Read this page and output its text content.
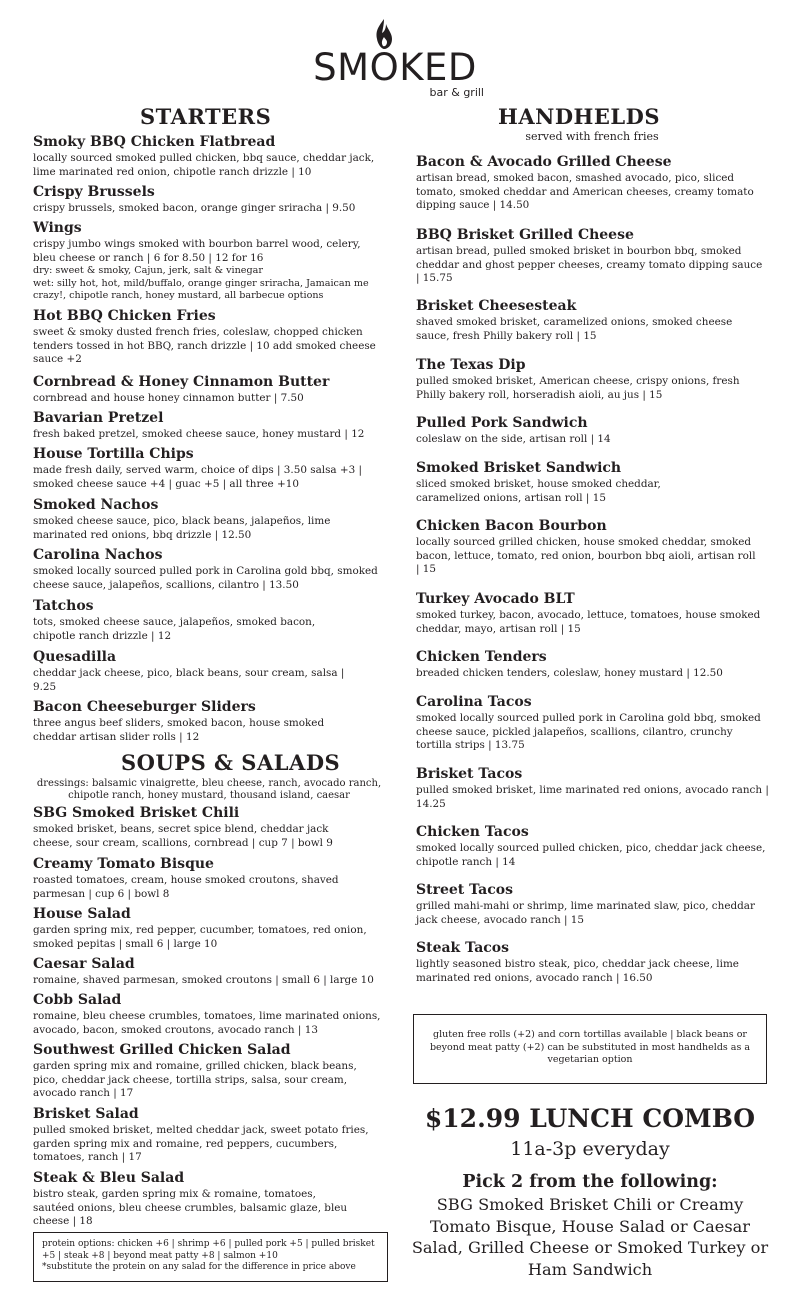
SMOKED
bar & grill
STARTERS
Smoky BBQ Chicken Flatbread
locally sourced smoked pulled chicken, bbq sauce, cheddar jack, lime marinated red onion, chipotle ranch drizzle | 10
Crispy Brussels
crispy brussels, smoked bacon, orange ginger sriracha | 9.50
Wings
crispy jumbo wings smoked with bourbon barrel wood, celery, bleu cheese or ranch | 6 for 8.50 | 12 for 16
dry: sweet & smoky, Cajun, jerk, salt & vinegar
wet: silly hot, hot, mild/buffalo, orange ginger sriracha, Jamaican me crazy!, chipotle ranch, honey mustard, all barbecue options
Hot BBQ Chicken Fries
sweet & smoky dusted french fries, coleslaw, chopped chicken tenders tossed in hot BBQ, ranch drizzle | 10 add smoked cheese sauce +2
Cornbread & Honey Cinnamon Butter
cornbread and house honey cinnamon butter | 7.50
Bavarian Pretzel
fresh baked pretzel, smoked cheese sauce, honey mustard | 12
House Tortilla Chips
made fresh daily, served warm, choice of dips | 3.50 salsa +3 | smoked cheese sauce +4 | guac +5 | all three +10
Smoked Nachos
smoked cheese sauce, pico, black beans, jalapeños, lime marinated red onions, bbq drizzle | 12.50
Carolina Nachos
smoked locally sourced pulled pork in Carolina gold bbq, smoked cheese sauce, jalapeños, scallions, cilantro | 13.50
Tatchos
tots, smoked cheese sauce, jalapeños, smoked bacon, chipotle ranch drizzle | 12
Quesadilla
cheddar jack cheese, pico, black beans, sour cream, salsa | 9.25
Bacon Cheeseburger Sliders
three angus beef sliders, smoked bacon, house smoked cheddar artisan slider rolls | 12
SOUPS & SALADS
dressings: balsamic vinaigrette, bleu cheese, ranch, avocado ranch, chipotle ranch, honey mustard, thousand island, caesar
SBG Smoked Brisket Chili
smoked brisket, beans, secret spice blend, cheddar jack cheese, sour cream, scallions, cornbread | cup 7 | bowl 9
Creamy Tomato Bisque
roasted tomatoes, cream, house smoked croutons, shaved parmesan | cup 6 | bowl 8
House Salad
garden spring mix, red pepper, cucumber, tomatoes, red onion, smoked pepitas | small 6 | large 10
Caesar Salad
romaine, shaved parmesan, smoked croutons | small 6 | large 10
Cobb Salad
romaine, bleu cheese crumbles, tomatoes, lime marinated onions, avocado, bacon, smoked croutons, avocado ranch | 13
Southwest Grilled Chicken Salad
garden spring mix and romaine, grilled chicken, black beans, pico, cheddar jack cheese, tortilla strips, salsa, sour cream, avocado ranch | 17
Brisket Salad
pulled smoked brisket, melted cheddar jack, sweet potato fries, garden spring mix and romaine, red peppers, cucumbers, tomatoes, ranch | 17
Steak & Bleu Salad
bistro steak, garden spring mix & romaine, tomatoes, sautéed onions, bleu cheese crumbles, balsamic glaze, bleu cheese | 18
protein options: chicken +6 | shrimp +6 | pulled pork +5 | pulled brisket +5 | steak +8 | beyond meat patty +8 | salmon +10
*substitute the protein on any salad for the difference in price above
HANDHELDS
served with french fries
Bacon & Avocado Grilled Cheese
artisan bread, smoked bacon, smashed avocado, pico, sliced tomato, smoked cheddar and American cheeses, creamy tomato dipping sauce | 14.50
BBQ Brisket Grilled Cheese
artisan bread, pulled smoked brisket in bourbon bbq, smoked cheddar and ghost pepper cheeses, creamy tomato dipping sauce | 15.75
Brisket Cheesesteak
shaved smoked brisket, caramelized onions, smoked cheese sauce, fresh Philly bakery roll | 15
The Texas Dip
pulled smoked brisket, American cheese, crispy onions, fresh Philly bakery roll, horseradish aioli, au jus | 15
Pulled Pork Sandwich
coleslaw on the side, artisan roll | 14
Smoked Brisket Sandwich
sliced smoked brisket, house smoked cheddar, caramelized onions, artisan roll | 15
Chicken Bacon Bourbon
locally sourced grilled chicken, house smoked cheddar, smoked bacon, lettuce, tomato, red onion, bourbon bbq aioli, artisan roll | 15
Turkey Avocado BLT
smoked turkey, bacon, avocado, lettuce, tomatoes, house smoked cheddar, mayo, artisan roll | 15
Chicken Tenders
breaded chicken tenders, coleslaw, honey mustard | 12.50
Carolina Tacos
smoked locally sourced pulled pork in Carolina gold bbq, smoked cheese sauce, pickled jalapeños, scallions, cilantro, crunchy tortilla strips | 13.75
Brisket Tacos
pulled smoked brisket, lime marinated red onions, avocado ranch | 14.25
Chicken Tacos
smoked locally sourced pulled chicken, pico, cheddar jack cheese, chipotle ranch | 14
Street Tacos
grilled mahi-mahi or shrimp, lime marinated slaw, pico, cheddar jack cheese, avocado ranch | 15
Steak Tacos
lightly seasoned bistro steak, pico, cheddar jack cheese, lime marinated red onions, avocado ranch | 16.50
gluten free rolls (+2) and corn tortillas available | black beans or beyond meat patty (+2) can be substituted in most handhelds as a vegetarian option
$12.99 LUNCH COMBO
11a-3p everyday
Pick 2 from the following:
SBG Smoked Brisket Chili or Creamy Tomato Bisque, House Salad or Caesar Salad, Grilled Cheese or Smoked Turkey or Ham Sandwich
